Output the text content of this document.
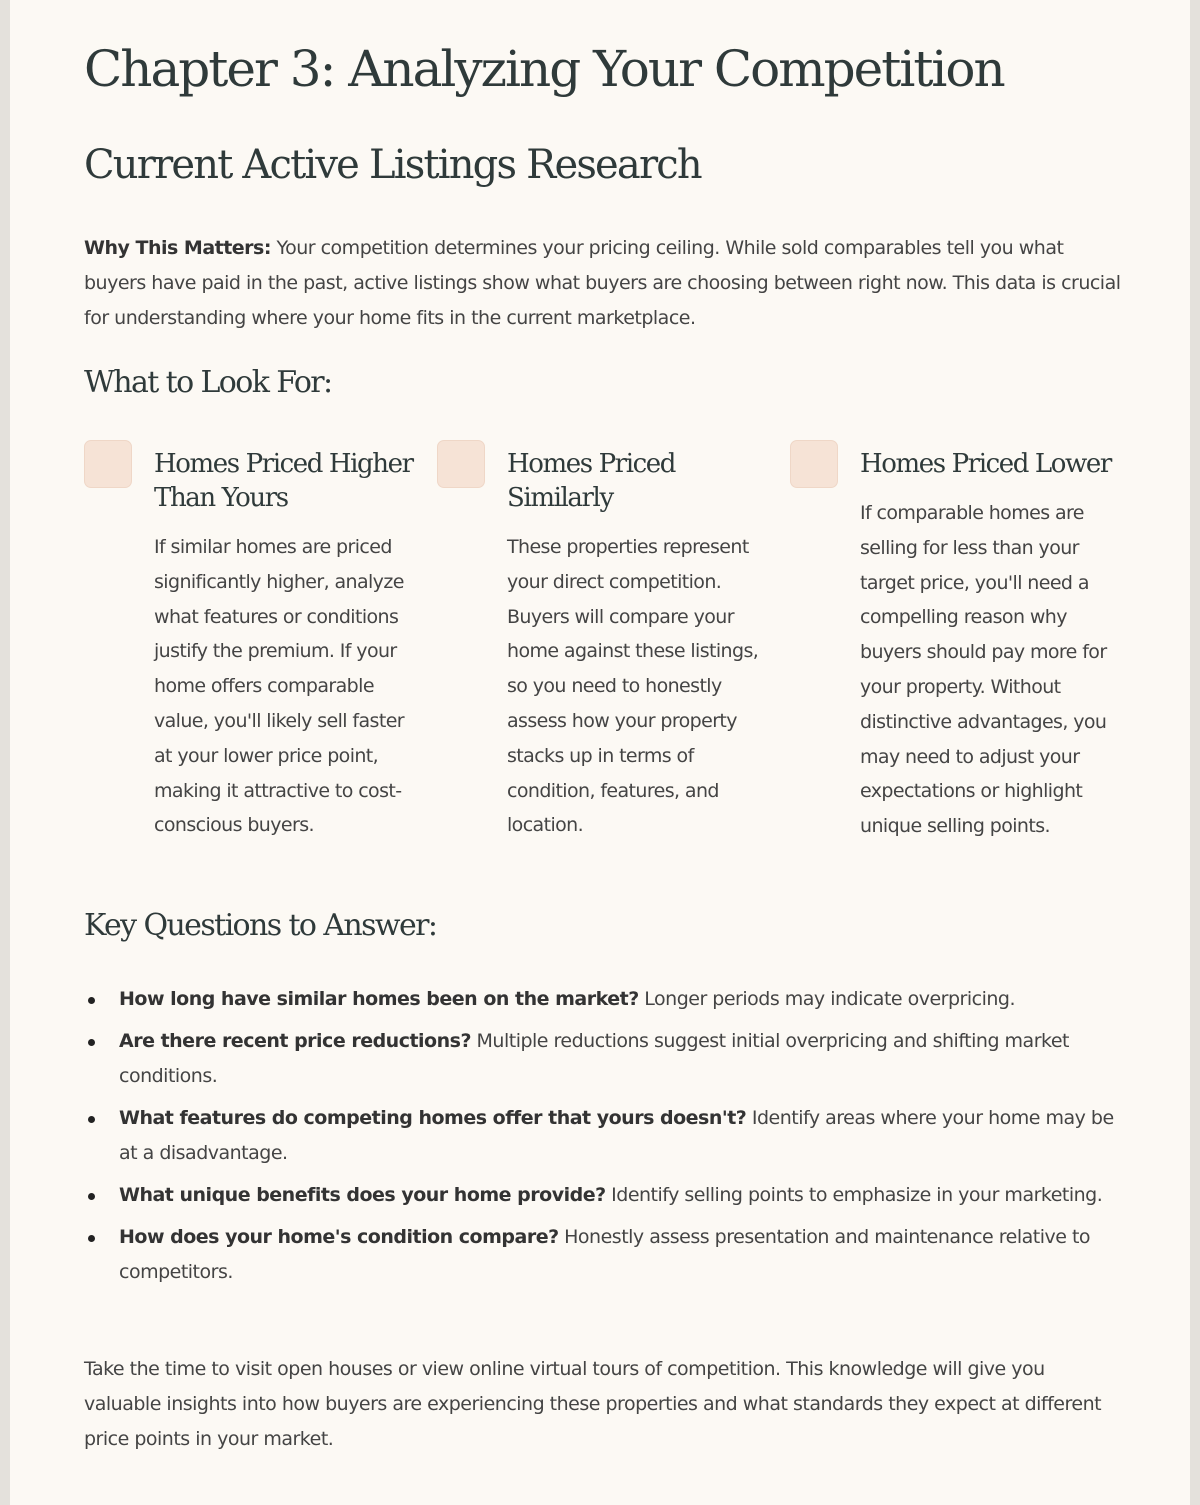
Chapter 3: Analyzing Your Competition
Current Active Listings Research

Why This Matters: Your competition determines your pricing ceiling. While sold comparables tell you what buyers have paid in the past, active listings show what buyers are choosing between right now. This data is crucial for understanding where your home fits in the current marketplace.

What to Look For:
Homes Priced Higher Than Yours

If similar homes are priced significantly higher, analyze what features or conditions justify the premium. If your home offers comparable value, you'll likely sell faster at your lower price point, making it attractive to cost-conscious buyers.

Homes Priced Similarly

These properties represent your direct competition. Buyers will compare your home against these listings, so you need to honestly assess how your property stacks up in terms of condition, features, and location.

Homes Priced Lower

If comparable homes are selling for less than your target price, you'll need a compelling reason why buyers should pay more for your property. Without distinctive advantages, you may need to adjust your expectations or highlight unique selling points.

Key Questions to Answer:
How long have similar homes been on the market? Longer periods may indicate overpricing.
Are there recent price reductions? Multiple reductions suggest initial overpricing and shifting market conditions.
What features do competing homes offer that yours doesn't? Identify areas where your home may be at a disadvantage.
What unique benefits does your home provide? Identify selling points to emphasize in your marketing.
How does your home's condition compare? Honestly assess presentation and maintenance relative to competitors.

Take the time to visit open houses or view online virtual tours of competition. This knowledge will give you valuable insights into how buyers are experiencing these properties and what standards they expect at different price points in your market.
